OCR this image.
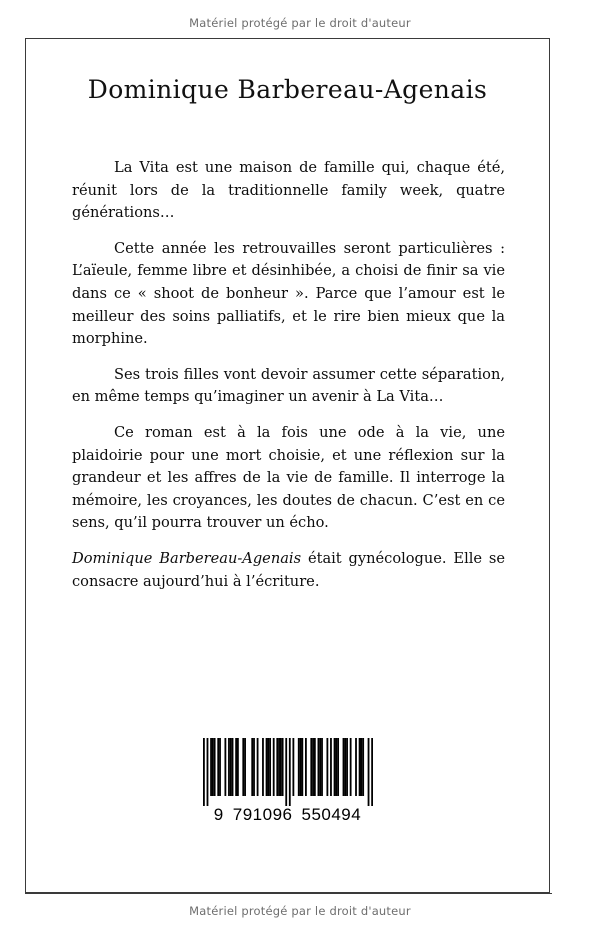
Matériel protégé par le droit d'auteur
Dominique Barbereau-Agenais

La Vita est une maison de famille qui, chaque été, réunit lors de la traditionnelle family week, quatre générations…

Cette année les retrouvailles seront particulières : L’aïeule, femme libre et désinhibée, a choisi de finir sa vie dans ce « shoot de bonheur ». Parce que l’amour est le meilleur des soins palliatifs, et le rire bien mieux que la morphine.

Ses trois filles vont devoir assumer cette séparation, en même temps qu’imaginer un avenir à La Vita…

Ce roman est à la fois une ode à la vie, une plaidoirie pour une mort choisie, et une réflexion sur la grandeur et les affres de la vie de famille. Il interroge la mémoire, les croyances, les doutes de chacun. C’est en ce sens, qu’il pourra trouver un écho.

Dominique Barbereau-Agenais était gynécologue. Elle se consacre aujourd’hui à l’écriture.

9 791096 550494
Matériel protégé par le droit d'auteur
